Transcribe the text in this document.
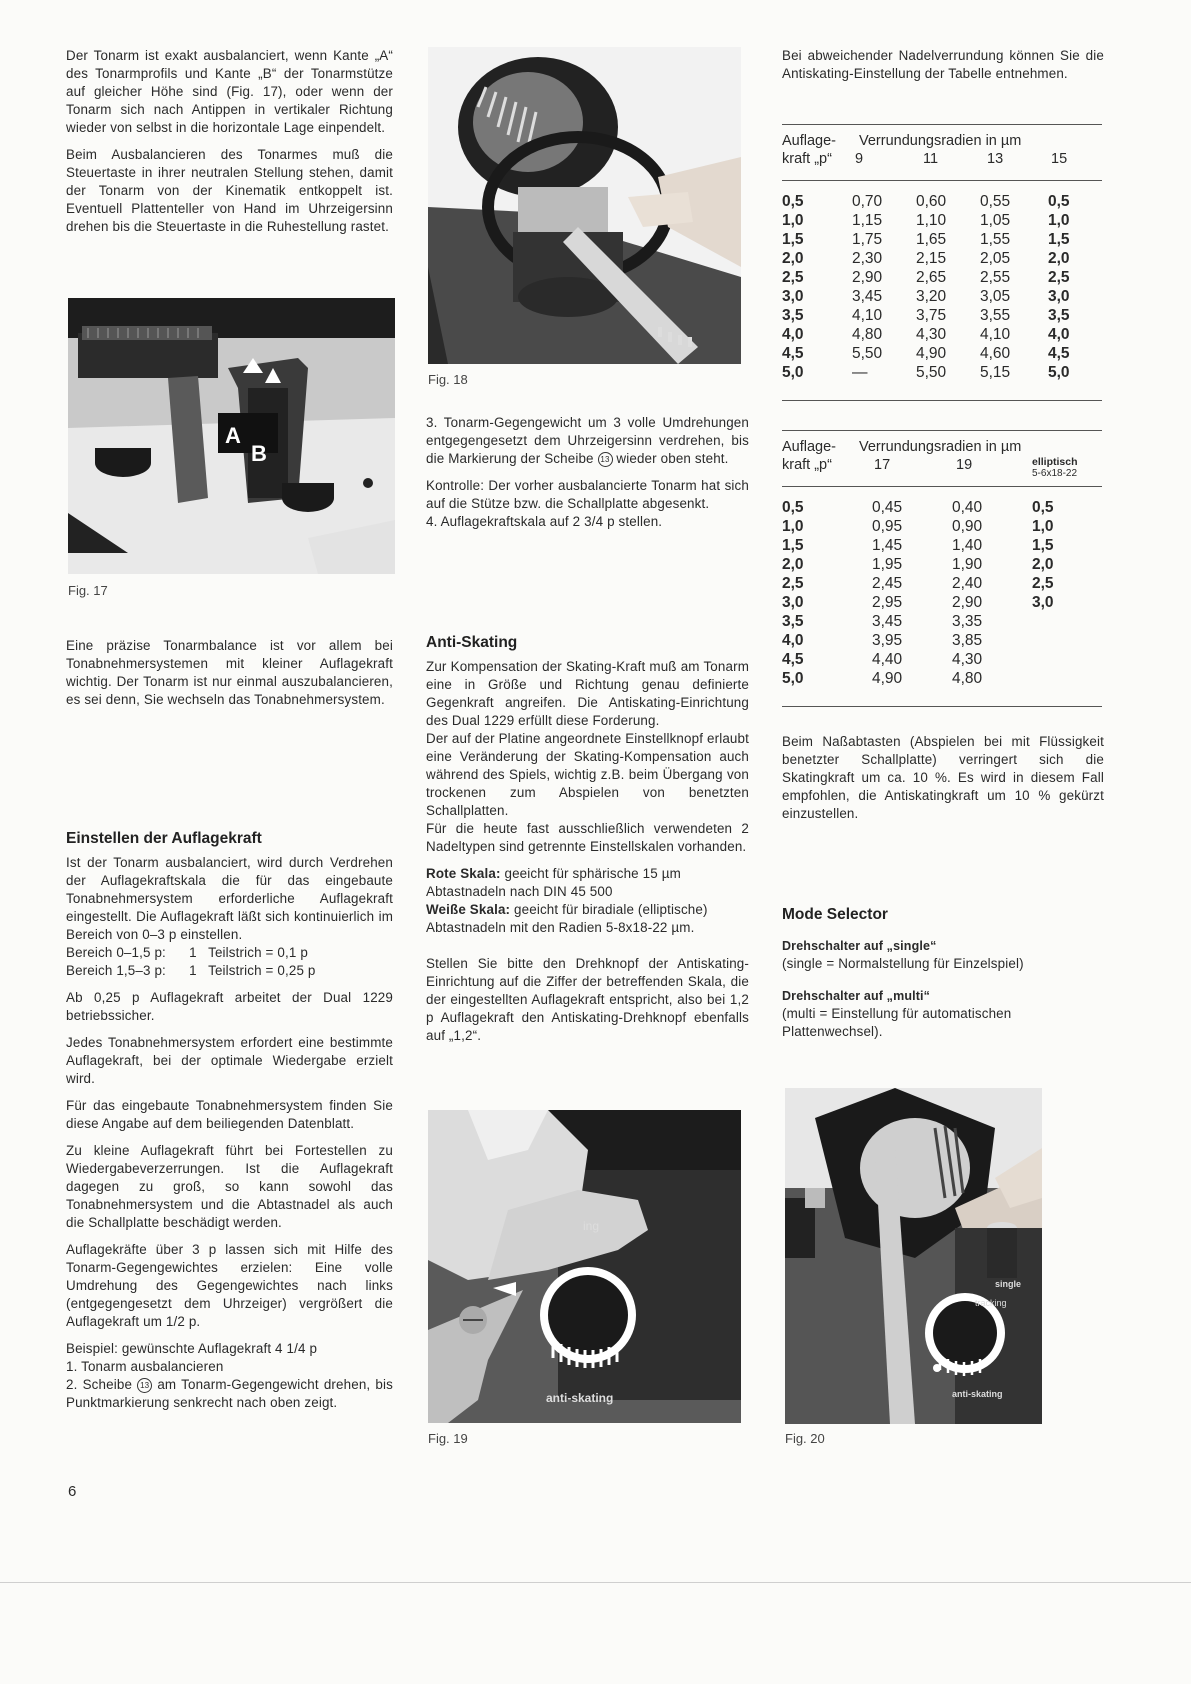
Der Tonarm ist exakt ausbalanciert, wenn Kante „A“ des Tonarmprofils und Kante „B“ der Tonarmstütze auf gleicher Höhe sind (Fig. 17), oder wenn der Tonarm sich nach Antippen in vertikaler Richtung wieder von selbst in die horizontale Lage einpendelt.

Beim Ausbalancieren des Tonarmes muß die Steuertaste in ihrer neutralen Stellung stehen, damit der Tonarm von der Kinematik entkoppelt ist. Eventuell Plattenteller von Hand im Uhrzeigersinn drehen bis die Steuertaste in die Ruhestellung rastet.

A
B
Fig. 17

Eine präzise Tonarmbalance ist vor allem bei Tonabnehmersystemen mit kleiner Auflagekraft wichtig. Der Tonarm ist nur einmal auszubalancieren, es sei denn, Sie wechseln das Tonabnehmersystem.

Einstellen der Auflagekraft

Ist der Tonarm ausbalanciert, wird durch Verdrehen der Auflagekraftskala die für das eingebaute Tonabnehmersystem erforderliche Auflagekraft eingestellt. Die Auflagekraft läßt sich kontinuierlich im Bereich von 0–3 p einstellen.

Bereich 0–1,5 p:      1   Teilstrich = 0,1 p
Bereich 1,5–3 p:      1   Teilstrich = 0,25 p

Ab 0,25 p Auflagekraft arbeitet der Dual 1229 betriebssicher.

Jedes Tonabnehmersystem erfordert eine bestimmte Auflagekraft, bei der optimale Wiedergabe erzielt wird.

Für das eingebaute Tonabnehmersystem finden Sie diese Angabe auf dem beiliegenden Datenblatt.

Zu kleine Auflagekraft führt bei Fortestellen zu Wiedergabeverzerrungen. Ist die Auflagekraft dagegen zu groß, so kann sowohl das Tonabnehmersystem und die Abtastnadel als auch die Schallplatte beschädigt werden.

Auflagekräfte über 3 p lassen sich mit Hilfe des Tonarm-Gegengewichtes erzielen: Eine volle Umdrehung des Gegengewichtes nach links (entgegengesetzt dem Uhrzeiger) vergrößert die Auflagekraft um 1/2 p.

Beispiel: gewünschte Auflagekraft 4 1/4 p
1. Tonarm ausbalancieren
2. Scheibe 13 am Tonarm-Gegengewicht drehen, bis Punktmarkierung senkrecht nach oben zeigt.
6
Fig. 18

3. Tonarm-Gegengewicht um 3 volle Umdrehungen entgegengesetzt dem Uhrzeigersinn verdrehen, bis die Markierung der Scheibe 13 wieder oben steht.

Kontrolle: Der vorher ausbalancierte Tonarm hat sich auf die Stütze bzw. die Schallplatte abgesenkt.

4. Auflagekraftskala auf 2 3/4 p stellen.

Anti-Skating

Zur Kompensation der Skating-Kraft muß am Tonarm eine in Größe und Richtung genau definierte Gegenkraft angreifen. Die Antiskating-Einrichtung des Dual 1229 erfüllt diese Forderung.

Der auf der Platine angeordnete Einstellknopf erlaubt eine Veränderung der Skating-Kompensation auch während des Spiels, wichtig z.B. beim Übergang von trockenen zum Abspielen von benetzten Schallplatten.

Für die heute fast ausschließlich verwendeten 2 Nadeltypen sind getrennte Einstellskalen vorhanden.

Rote Skala: geeicht für sphärische 15 µm Abtastnadeln nach DIN 45 500
Weiße Skala: geeicht für biradiale (elliptische) Abtastnadeln mit den Radien 5-8x18-22 µm.

Stellen Sie bitte den Drehknopf der Antiskating-Einrichtung auf die Ziffer der betreffenden Skala, die der eingestellten Auflagekraft entspricht, also bei 1,2 p Auflagekraft den Antiskating-Drehknopf ebenfalls auf „1,2“.

ing
anti-skating
Fig. 19

Bei abweichender Nadelverrundung können Sie die Antiskating-Einstellung der Tabelle entnehmen.

Auflage-
kraft „p“
Verrundungsradien in µm
9	11	13	15
0,5	0,70 0,60 0,55 0,5
1,0	1,15 1,10 1,05 1,0
1,5	1,75 1,65 1,55 1,5
2,0	2,30 2,15 2,05 2,0
2,5	2,90 2,65 2,55 2,5
3,0	3,45 3,20 3,05 3,0
3,5	4,10 3,75 3,55 3,5
4,0	4,80 4,30 4,10 4,0
4,5	5,50 4,90 4,60 4,5
5,0	—	5,50 5,15 5,0
Auflage-
kraft „p“
Verrundungsradien in µm
17	19	elliptisch
5-6x18-22
0,5	0,45	0,40	0,5
1,0	0,95	0,90	1,0
1,5	1,45	1,40	1,5
2,0	1,95	1,90	2,0
2,5	2,45	2,40	2,5
3,0	2,95	2,90	3,0
3,5	3,45	3,35
4,0	3,95	3,85
4,5	4,40	4,30
5,0	4,90	4,80

Beim Naßabtasten (Abspielen bei mit Flüssigkeit benetzter Schallplatte) verringert sich die Skatingkraft um ca. 10 %. Es wird in diesem Fall empfohlen, die Antiskatingkraft um 10 % gekürzt einzustellen.

Mode Selector
Drehschalter auf „single“
(single = Normalstellung für Einzelspiel)
Drehschalter auf „multi“
(multi = Einstellung für automatischen Plattenwechsel).
single
tracking
anti-skating
Fig. 20
